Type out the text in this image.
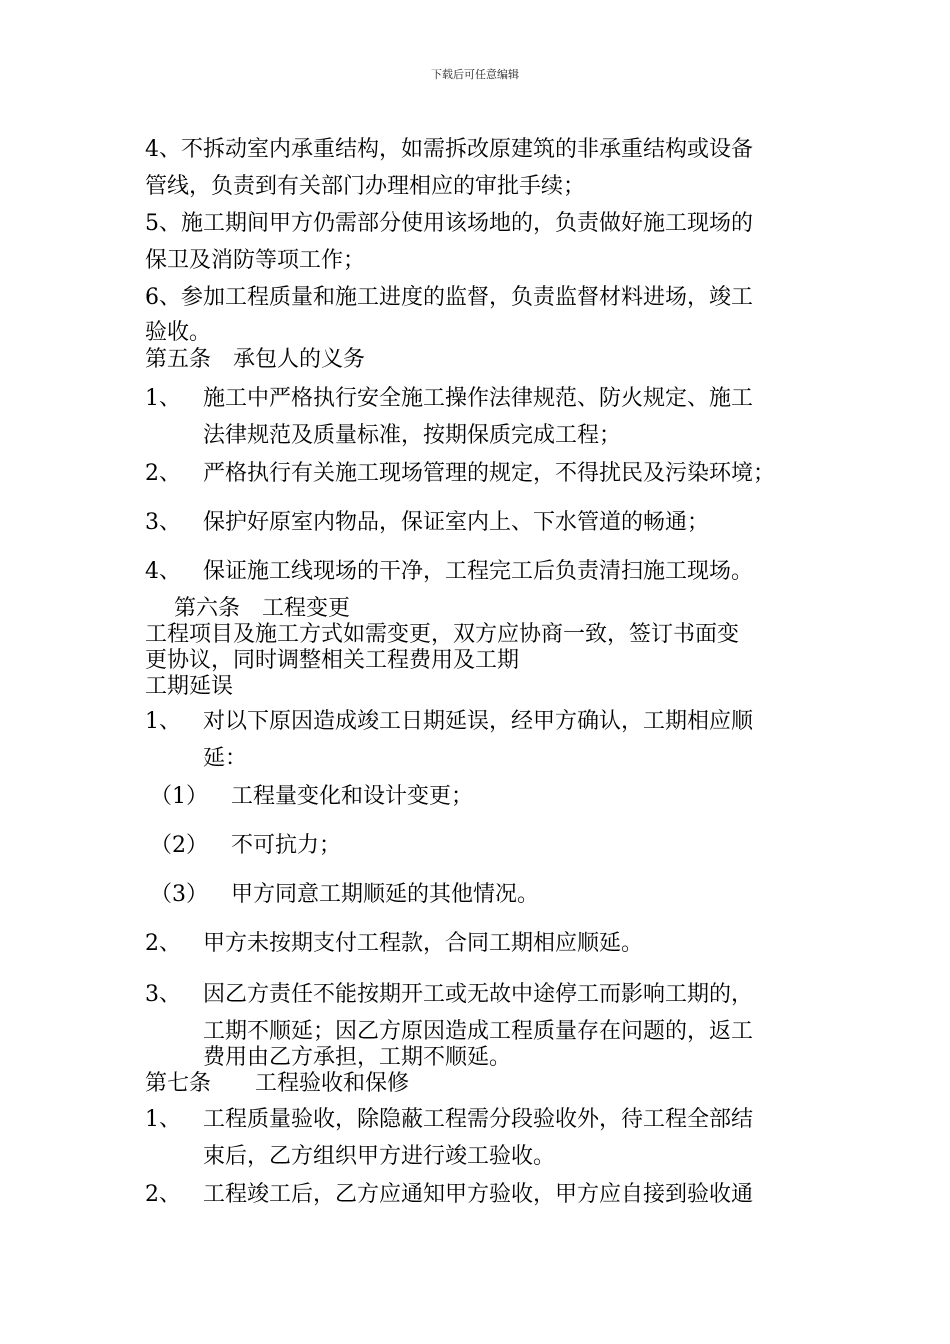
下载后可任意编辑
4、不拆动室内承重结构，如需拆改原建筑的非承重结构或设备
管线，负责到有关部门办理相应的审批手续；
5、施工期间甲方仍需部分使用该场地的，负责做好施工现场的
保卫及消防等项工作；
6、参加工程质量和施工进度的监督，负责监督材料进场，竣工
验收。
第五条　承包人的义务
1、 施工中严格执行安全施工操作法律规范、防火规定、施工
法律规范及质量标准，按期保质完成工程；
2、 严格执行有关施工现场管理的规定，不得扰民及污染环境；
3、 保护好原室内物品，保证室内上、下水管道的畅通；
4、 保证施工线现场的干净，工程完工后负责清扫施工现场。
第六条　工程变更
工程项目及施工方式如需变更，双方应协商一致，签订书面变
更协议，同时调整相关工程费用及工期
工期延误
1、 对以下原因造成竣工日期延误，经甲方确认，工期相应顺
延：
（1） 工程量变化和设计变更；
（2） 不可抗力；
（3） 甲方同意工期顺延的其他情况。
2、 甲方未按期支付工程款，合同工期相应顺延。
3、 因乙方责任不能按期开工或无故中途停工而影响工期的，
工期不顺延；因乙方原因造成工程质量存在问题的，返工
费用由乙方承担，工期不顺延。
第七条　　工程验收和保修
1、 工程质量验收，除隐蔽工程需分段验收外，待工程全部结
束后，乙方组织甲方进行竣工验收。
2、 工程竣工后，乙方应通知甲方验收，甲方应自接到验收通
